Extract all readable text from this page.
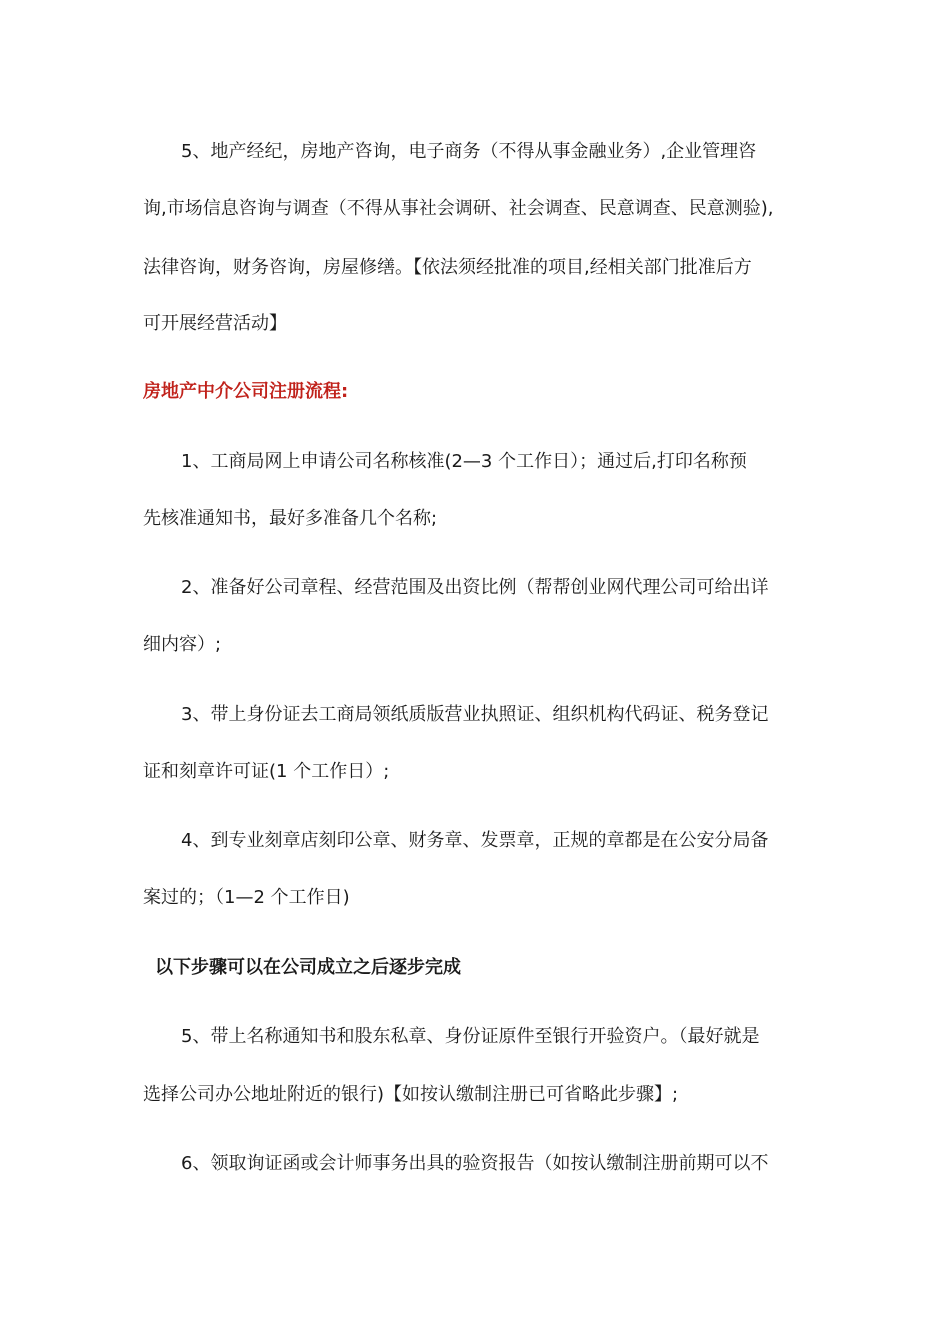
5、地产经纪，房地产咨询，电子商务（不得从事金融业务）,企业管理咨
询,市场信息咨询与调查（不得从事社会调研、社会调查、民意调查、民意测验),
法律咨询，财务咨询，房屋修缮。【依法须经批准的项目,经相关部门批准后方
可开展经营活动】
房地产中介公司注册流程:
1、工商局网上申请公司名称核准(2—3 个工作日）；通过后,打印名称预
先核准通知书，最好多准备几个名称;
2、准备好公司章程、经营范围及出资比例（帮帮创业网代理公司可给出详
细内容）;
3、带上身份证去工商局领纸质版营业执照证、组织机构代码证、税务登记
证和刻章许可证(1 个工作日）;
4、到专业刻章店刻印公章、财务章、发票章，正规的章都是在公安分局备
案过的；（1—2 个工作日)
以下步骤可以在公司成立之后逐步完成
5、带上名称通知书和股东私章、身份证原件至银行开验资户。（最好就是
选择公司办公地址附近的银行)【如按认缴制注册已可省略此步骤】;
6、领取询证函或会计师事务出具的验资报告（如按认缴制注册前期可以不
